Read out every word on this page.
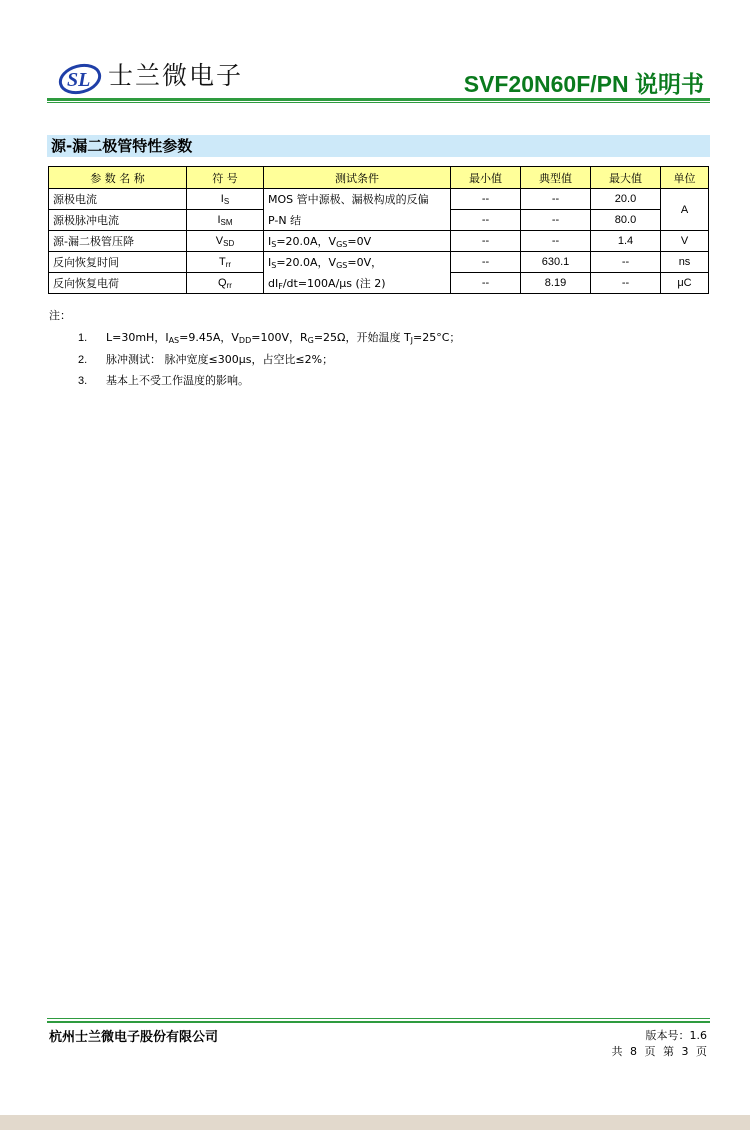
SL 士兰微电子	SVF20N60F/PN 说明书
源-漏二极管特性参数
参 数 名 称	符 号	测试条件	最小值	典型值	最大值	单位
源极电流	$I_S$	MOS 管中源极、漏极构成的反偏	--	--	20.0	A
源极脉冲电流	$I_{SM}$	P-N 结	--	--	80.0	
源-漏二极管压降	$V_{SD}$	$I_S=20.0A$，$V_{GS}=0V$	--	--	1.4	V
反向恢复时间	$T_{rr}$	$I_S=20.0A$，$V_{GS}=0V$，	--	630.1	--	ns
反向恢复电荷	$Q_{rr}$	$dI_F/dt=100A/\mu s$ (注 2)	--	8.19	--	μC
注：
1. L=30mH，$I_{AS}=9.45A$，$V_{DD}=100V$，$R_G=25\Omega$，开始温度 $T_J=25^\circ C$；
2. 脉冲测试： 脉冲宽度≤300μs，占空比≤2%；
3. 基本上不受工作温度的影响。
杭州士兰微电子股份有限公司	版本号：1.6
共 8 页 第 3 页
